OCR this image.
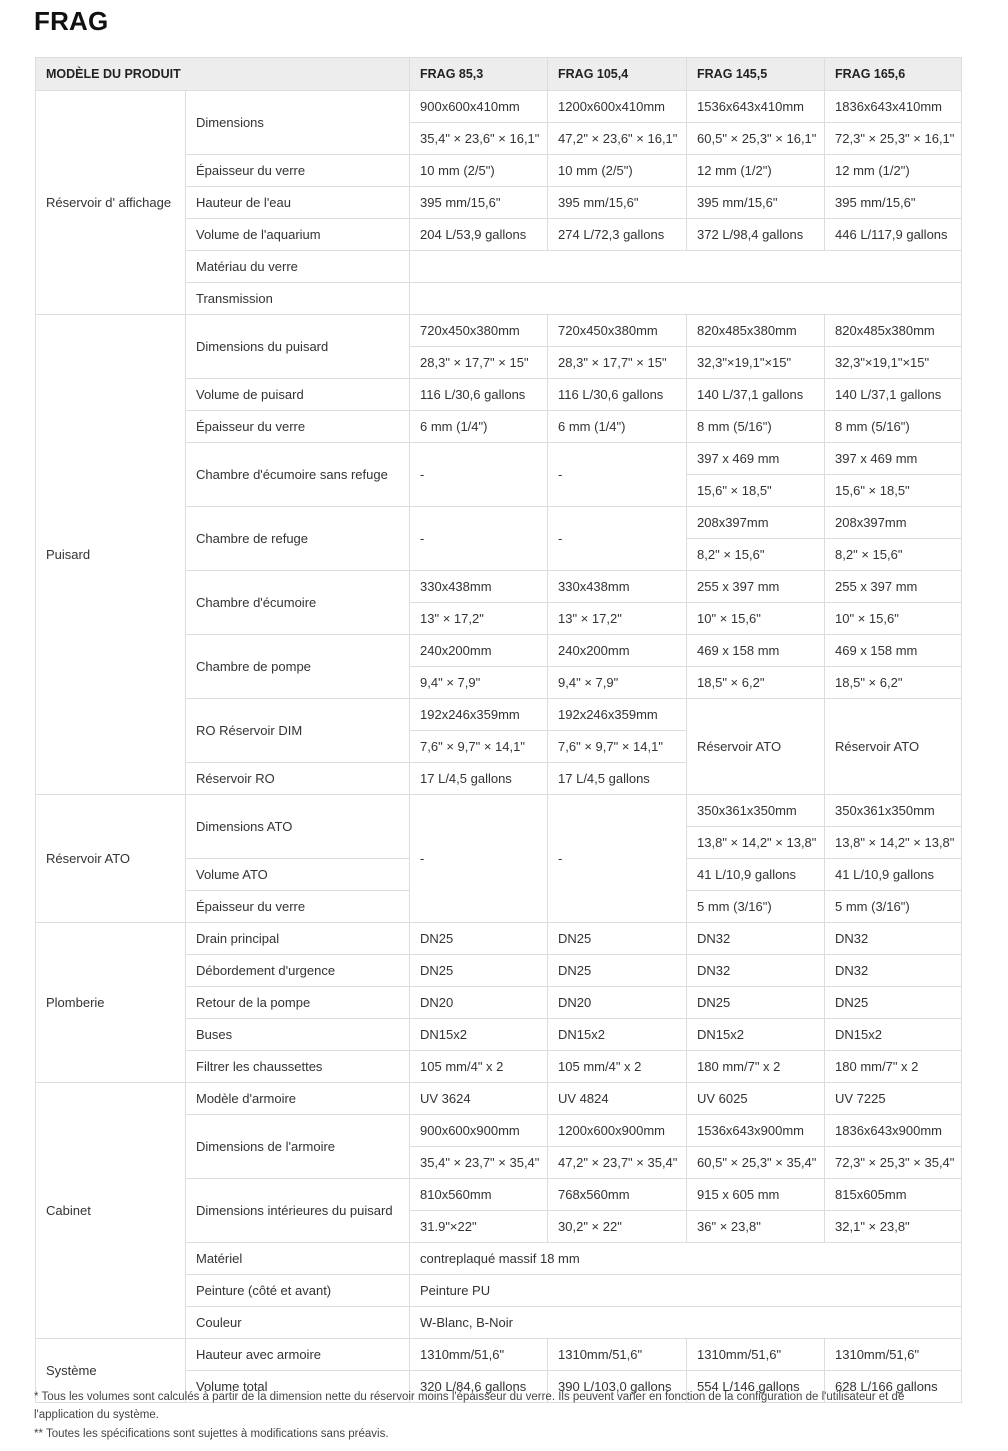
FRAG
MODÈLE DU PRODUIT		FRAG 85,3	FRAG 105,4	FRAG 145,5	FRAG 165,6
Réservoir d' affichage	Dimensions	900x600x410mm	1200x600x410mm	1536x643x410mm	1836x643x410mm
		35,4" × 23,6" × 16,1"	47,2" × 23,6" × 16,1"	60,5" × 25,3" × 16,1"	72,3" × 25,3" × 16,1"
	Épaisseur du verre	10 mm (2/5")	10 mm (2/5")	12 mm (1/2")	12 mm (1/2")
	Hauteur de l'eau	395 mm/15,6"	395 mm/15,6"	395 mm/15,6"	395 mm/15,6"
	Volume de l'aquarium	204 L/53,9 gallons	274 L/72,3 gallons	372 L/98,4 gallons	446 L/117,9 gallons
	Matériau du verre				
	Transmission				
Puisard	Dimensions du puisard	720x450x380mm	720x450x380mm	820x485x380mm	820x485x380mm
		28,3" × 17,7" × 15"	28,3" × 17,7" × 15"	32,3"×19,1"×15"	32,3"×19,1"×15"
	Volume de puisard	116 L/30,6 gallons	116 L/30,6 gallons	140 L/37,1 gallons	140 L/37,1 gallons
	Épaisseur du verre	6 mm (1/4")	6 mm (1/4")	8 mm (5/16")	8 mm (5/16")
	Chambre d'écumoire sans refuge	-	-	397 x 469 mm	397 x 469 mm
				15,6" × 18,5"	15,6" × 18,5"
	Chambre de refuge	-	-	208x397mm	208x397mm
				8,2" × 15,6"	8,2" × 15,6"
	Chambre d'écumoire	330x438mm	330x438mm	255 x 397 mm	255 x 397 mm
		13" × 17,2"	13" × 17,2"	10" × 15,6"	10" × 15,6"
	Chambre de pompe	240x200mm	240x200mm	469 x 158 mm	469 x 158 mm
		9,4" × 7,9"	9,4" × 7,9"	18,5" × 6,2"	18,5" × 6,2"
	RO Réservoir DIM	192x246x359mm	192x246x359mm	Réservoir ATO	Réservoir ATO
		7,6" × 9,7" × 14,1"	7,6" × 9,7" × 14,1"		
	Réservoir RO	17 L/4,5 gallons	17 L/4,5 gallons		
Réservoir ATO	Dimensions ATO	-	-	350x361x350mm	350x361x350mm
				13,8" × 14,2" × 13,8"	13,8" × 14,2" × 13,8"
	Volume ATO			41 L/10,9 gallons	41 L/10,9 gallons
	Épaisseur du verre			5 mm (3/16")	5 mm (3/16")
Plomberie	Drain principal	DN25	DN25	DN32	DN32
	Débordement d'urgence	DN25	DN25	DN32	DN32
	Retour de la pompe	DN20	DN20	DN25	DN25
	Buses	DN15x2	DN15x2	DN15x2	DN15x2
	Filtrer les chaussettes	105 mm/4" x 2	105 mm/4" x 2	180 mm/7" x 2	180 mm/7" x 2
Cabinet	Modèle d'armoire	UV 3624	UV 4824	UV 6025	UV 7225
	Dimensions de l'armoire	900x600x900mm	1200x600x900mm	1536x643x900mm	1836x643x900mm
		35,4" × 23,7" × 35,4"	47,2" × 23,7" × 35,4"	60,5" × 25,3" × 35,4"	72,3" × 25,3" × 35,4"
	Dimensions intérieures du puisard	810x560mm	768x560mm	915 x 605 mm	815x605mm
		31.9"×22"	30,2" × 22"	36" × 23,8"	32,1" × 23,8"
	Matériel	contreplaqué massif 18 mm			
	Peinture (côté et avant)	Peinture PU			
	Couleur	W-Blanc, B-Noir			
Système	Hauteur avec armoire	1310mm/51,6"	1310mm/51,6"	1310mm/51,6"	1310mm/51,6"
	Volume total	320 L/84,6 gallons	390 L/103,0 gallons	554 L/146 gallons	628 L/166 gallons

* Tous les volumes sont calculés à partir de la dimension nette du réservoir moins l'épaisseur du verre. Ils peuvent varier en fonction de la configuration de l'utilisateur et de l'application du système.

** Toutes les spécifications sont sujettes à modifications sans préavis.
